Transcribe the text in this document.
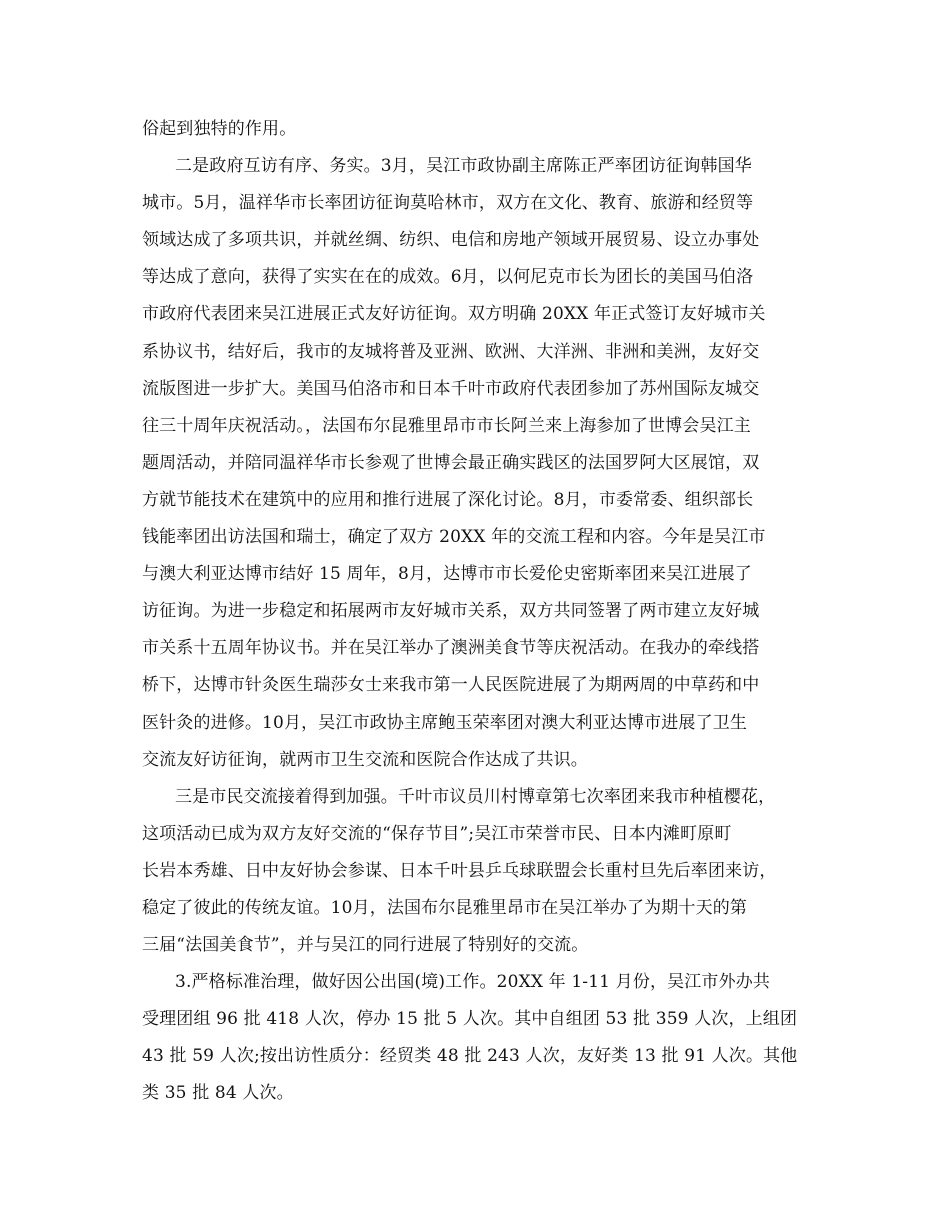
俗起到独特的作用。
二是政府互访有序、务实。3月，吴江市政协副主席陈正严率团访征询韩国华
城市。5月，温祥华市长率团访征询莫哈林市，双方在文化、教育、旅游和经贸等
领域达成了多项共识，并就丝绸、纺织、电信和房地产领域开展贸易、设立办事处
等达成了意向，获得了实实在在的成效。6月，以何尼克市长为团长的美国马伯洛
市政府代表团来吴江进展正式友好访征询。双方明确 20XX 年正式签订友好城市关
系协议书，结好后，我市的友城将普及亚洲、欧洲、大洋洲、非洲和美洲，友好交
流版图进一步扩大。美国马伯洛市和日本千叶市政府代表团参加了苏州国际友城交
往三十周年庆祝活动。，法国布尔昆雅里昂市市长阿兰来上海参加了世博会吴江主
题周活动，并陪同温祥华市长参观了世博会最正确实践区的法国罗阿大区展馆，双
方就节能技术在建筑中的应用和推行进展了深化讨论。8月，市委常委、组织部长
钱能率团出访法国和瑞士，确定了双方 20XX 年的交流工程和内容。今年是吴江市
与澳大利亚达博市结好 15 周年，8月，达博市市长爱伦史密斯率团来吴江进展了
访征询。为进一步稳定和拓展两市友好城市关系，双方共同签署了两市建立友好城
市关系十五周年协议书。并在吴江举办了澳洲美食节等庆祝活动。在我办的牵线搭
桥下，达博市针灸医生瑞莎女士来我市第一人民医院进展了为期两周的中草药和中
医针灸的进修。10月，吴江市政协主席鲍玉荣率团对澳大利亚达博市进展了卫生
交流友好访征询，就两市卫生交流和医院合作达成了共识。
三是市民交流接着得到加强。千叶市议员川村博章第七次率团来我市种植樱花，
这项活动已成为双方友好交流的“保存节目”;吴江市荣誉市民、日本内滩町原町
长岩本秀雄、日中友好协会参谋、日本千叶县乒乓球联盟会长重村旦先后率团来访，
稳定了彼此的传统友谊。10月，法国布尔昆雅里昂市在吴江举办了为期十天的第
三届“法国美食节”，并与吴江的同行进展了特别好的交流。
3.严格标准治理，做好因公出国(境)工作。20XX 年 1-11 月份，吴江市外办共
受理团组 96 批 418 人次，停办 15 批 5 人次。其中自组团 53 批 359 人次，上组团
43 批 59 人次;按出访性质分：经贸类 48 批 243 人次，友好类 13 批 91 人次。其他
类 35 批 84 人次。
